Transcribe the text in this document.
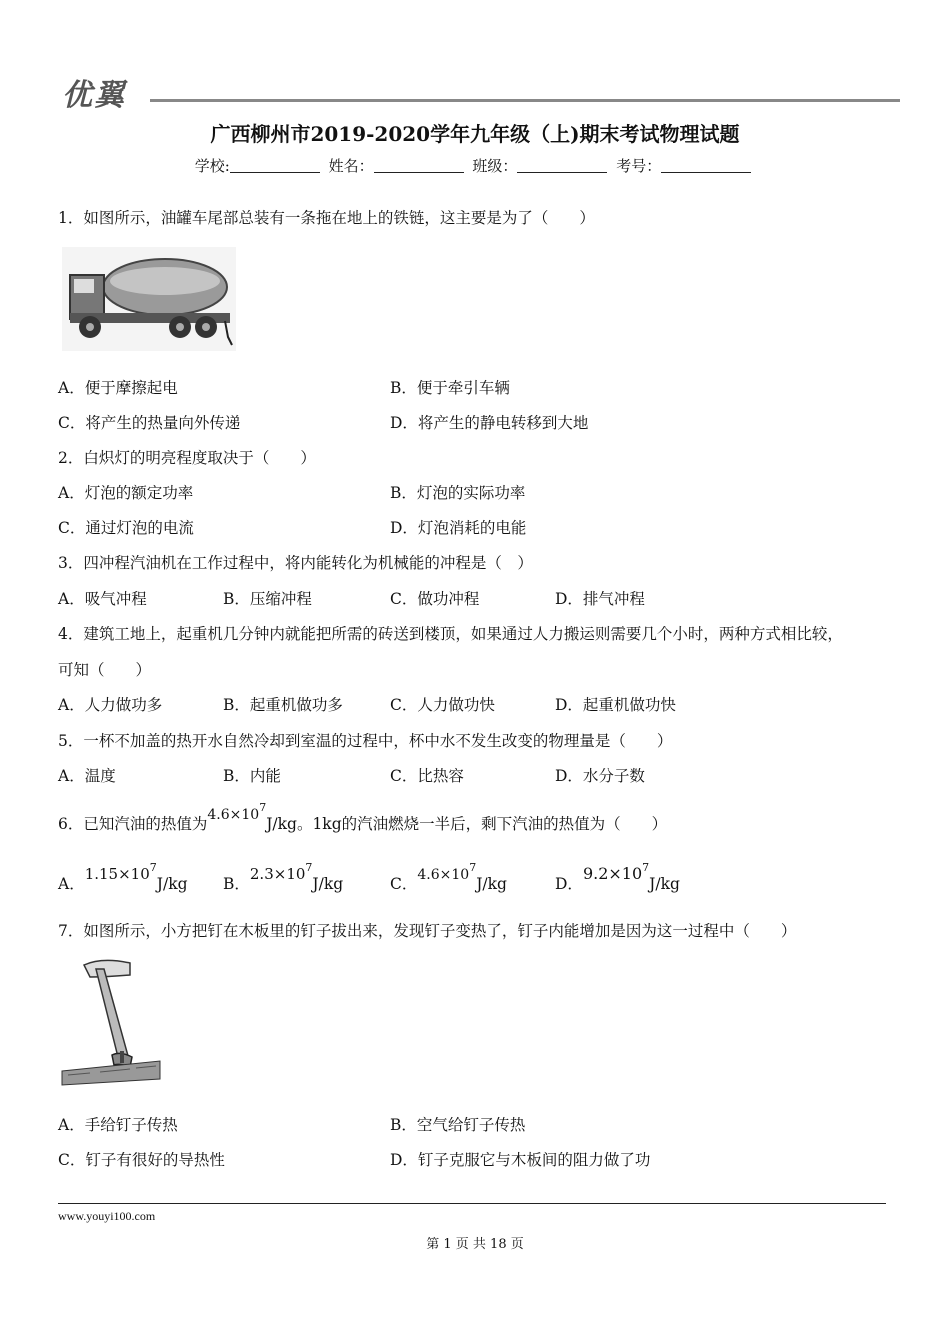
优翼
广西柳州市2019-2020学年九年级（上)期末考试物理试题
学校:	姓名：	班级：	考号：
1．如图所示，油罐车尾部总装有一条拖在地上的铁链，这主要是为了（　　）
A．便于摩擦起电	B．便于牵引车辆
C．将产生的热量向外传递	D．将产生的静电转移到大地
2．白炽灯的明亮程度取决于（　　）
A．灯泡的额定功率	B．灯泡的实际功率
C．通过灯泡的电流	D．灯泡消耗的电能
3．四冲程汽油机在工作过程中，将内能转化为机械能的冲程是（　）
A．吸气冲程	B．压缩冲程	C．做功冲程	D．排气冲程
4．建筑工地上，起重机几分钟内就能把所需的砖送到楼顶，如果通过人力搬运则需要几个小时，两种方式相比较，
可知（　　）
A．人力做功多	B．起重机做功多	C．人力做功快	D．起重机做功快
5．一杯不加盖的热开水自然冷却到室温的过程中，杯中水不发生改变的物理量是（　　）
A．温度	B．内能	C．比热容	D．水分子数
6．已知汽油的热值为$4.6\times 10^7J/kg$。1kg的汽油燃烧一半后，剩下汽油的热值为（　　）
A．$1.15\times 10^7J/kg$ B．$2.3\times 10^7J/kg$	C．$4.6\times 10^7J/kg$	D．$9.2\times 10^7J/kg$
7．如图所示，小方把钉在木板里的钉子拔出来，发现钉子变热了，钉子内能增加是因为这一过程中（　　）
A．手给钉子传热	B．空气给钉子传热
C．钉子有很好的导热性	D．钉子克服它与木板间的阻力做了功
www.youyi100.com
第 1 页 共 18 页
